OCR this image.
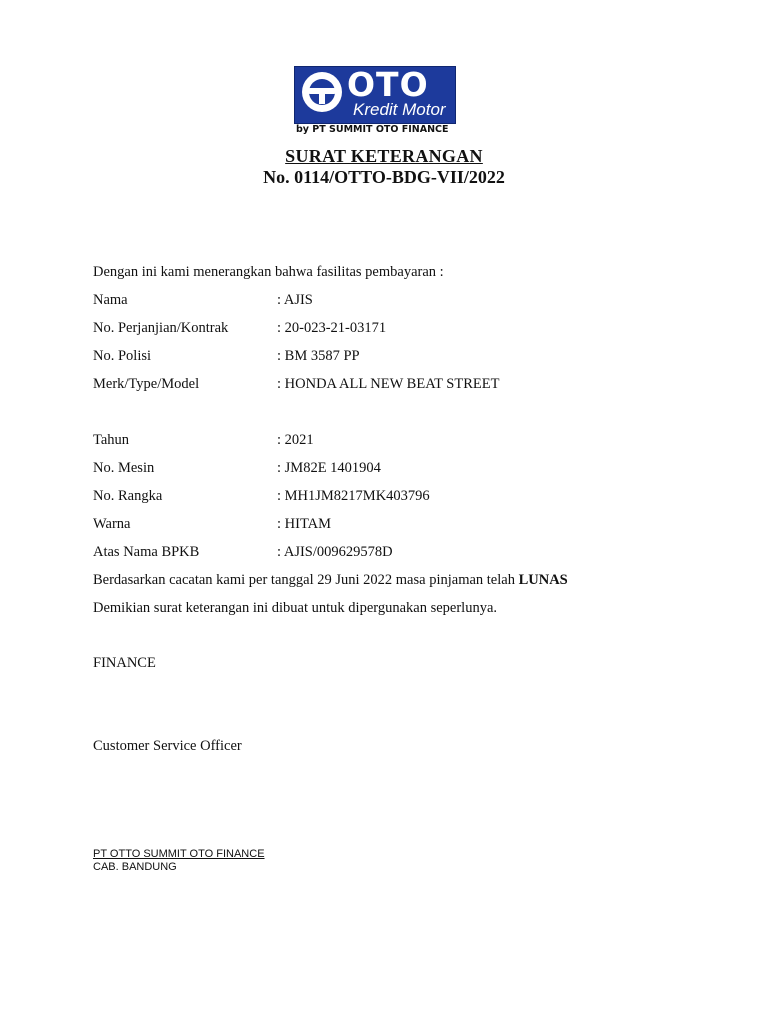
OTO
Kredit Motor
by PT SUMMIT OTO FINANCE
SURAT KETERANGAN
No. 0114/OTTO-BDG-VII/2022
Dengan ini kami menerangkan bahwa fasilitas pembayaran :
Nama	: AJIS
No. Perjanjian/Kontrak	: 20-023-21-03171
No. Polisi	: BM 3587 PP
Merk/Type/Model	: HONDA ALL NEW BEAT STREET
Tahun	: 2021
No. Mesin	: JM82E 1401904
No. Rangka	: MH1JM8217MK403796
Warna	: HITAM
Atas Nama BPKB	: AJIS/009629578D
Berdasarkan cacatan kami per tanggal 29 Juni 2022 masa pinjaman telah LUNAS
Demikian surat keterangan ini dibuat untuk dipergunakan seperlunya.
FINANCE
Customer Service Officer
PT OTTO SUMMIT OTO FINANCE
CAB. BANDUNG
